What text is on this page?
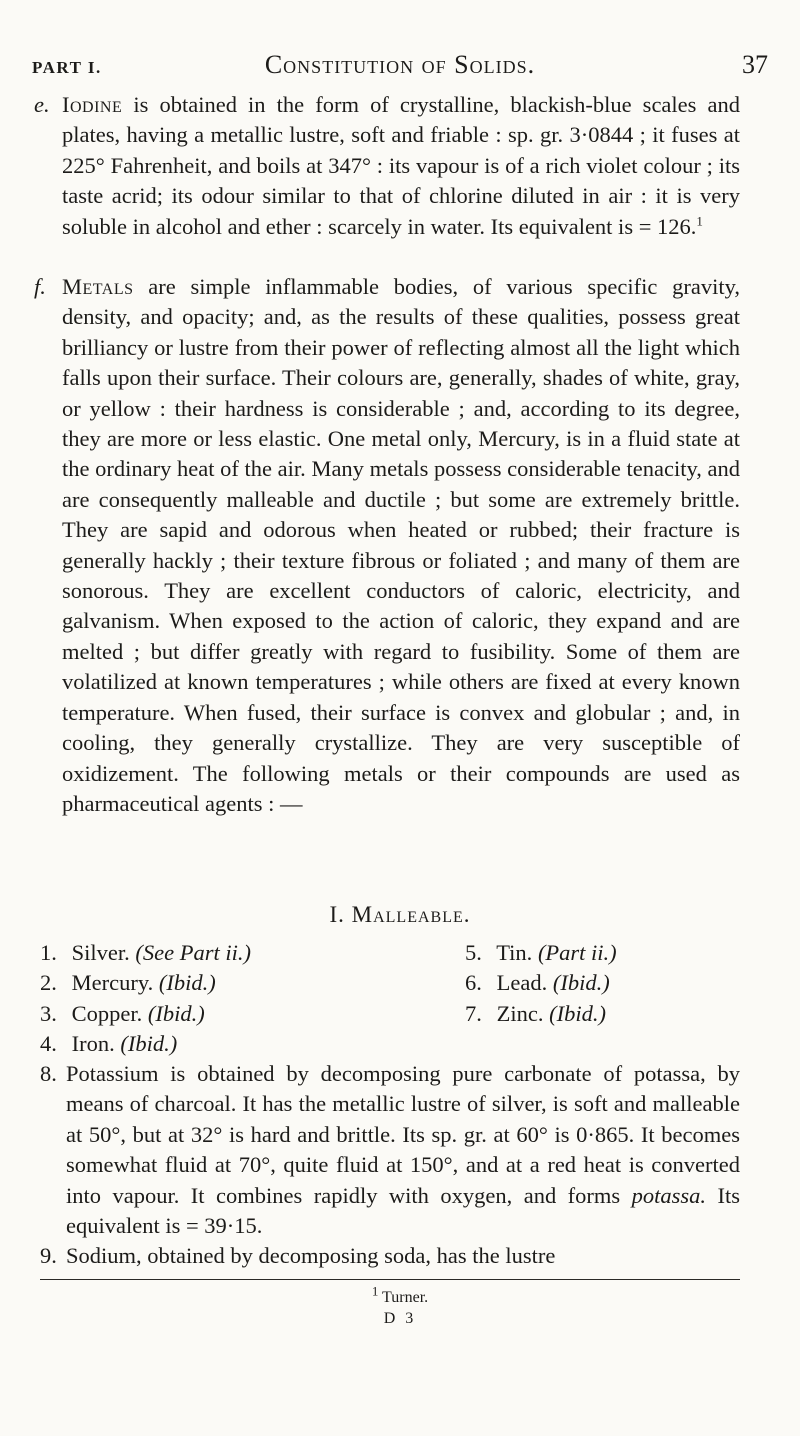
PART I.	Constitution of Solids.	37
e. Iodine is obtained in the form of crystalline, blackish-blue scales and plates, having a metallic lustre, soft and friable : sp. gr. 3·0844 ; it fuses at 225° Fahrenheit, and boils at 347° : its vapour is of a rich violet colour ; its taste acrid; its odour similar to that of chlorine diluted in air : it is very soluble in alcohol and ether : scarcely in water. Its equivalent is = 126.$^1$
f. Metals are simple inflammable bodies, of various specific gravity, density, and opacity; and, as the results of these qualities, possess great brilliancy or lustre from their power of reflecting almost all the light which falls upon their surface. Their colours are, generally, shades of white, gray, or yellow : their hardness is considerable ; and, according to its degree, they are more or less elastic. One metal only, Mercury, is in a fluid state at the ordinary heat of the air. Many metals possess considerable tenacity, and are consequently malleable and ductile ; but some are extremely brittle. They are sapid and odorous when heated or rubbed; their fracture is generally hackly ; their texture fibrous or foliated ; and many of them are sonorous. They are excellent conductors of caloric, electricity, and galvanism. When exposed to the action of caloric, they expand and are melted ; but differ greatly with regard to fusibility. Some of them are volatilized at known temperatures ; while others are fixed at every known temperature. When fused, their surface is convex and globular ; and, in cooling, they generally crystallize. They are very susceptible of oxidizement. The following metals or their compounds are used as pharmaceutical agents : —
I. Malleable.
1. Silver. (See Part ii.)
2. Mercury. (Ibid.)
3. Copper. (Ibid.)
4. Iron. (Ibid.)
5. Tin. (Part ii.)
6. Lead. (Ibid.)
7. Zinc. (Ibid.)
8. Potassium is obtained by decomposing pure carbonate of potassa, by means of charcoal. It has the metallic lustre of silver, is soft and malleable at 50°, but at 32° is hard and brittle. Its sp. gr. at 60° is 0·865. It becomes somewhat fluid at 70°, quite fluid at 150°, and at a red heat is converted into vapour. It combines rapidly with oxygen, and forms potassa. Its equivalent is = 39·15.
9. Sodium, obtained by decomposing soda, has the lustre
$^1$ Turner.
D 3
